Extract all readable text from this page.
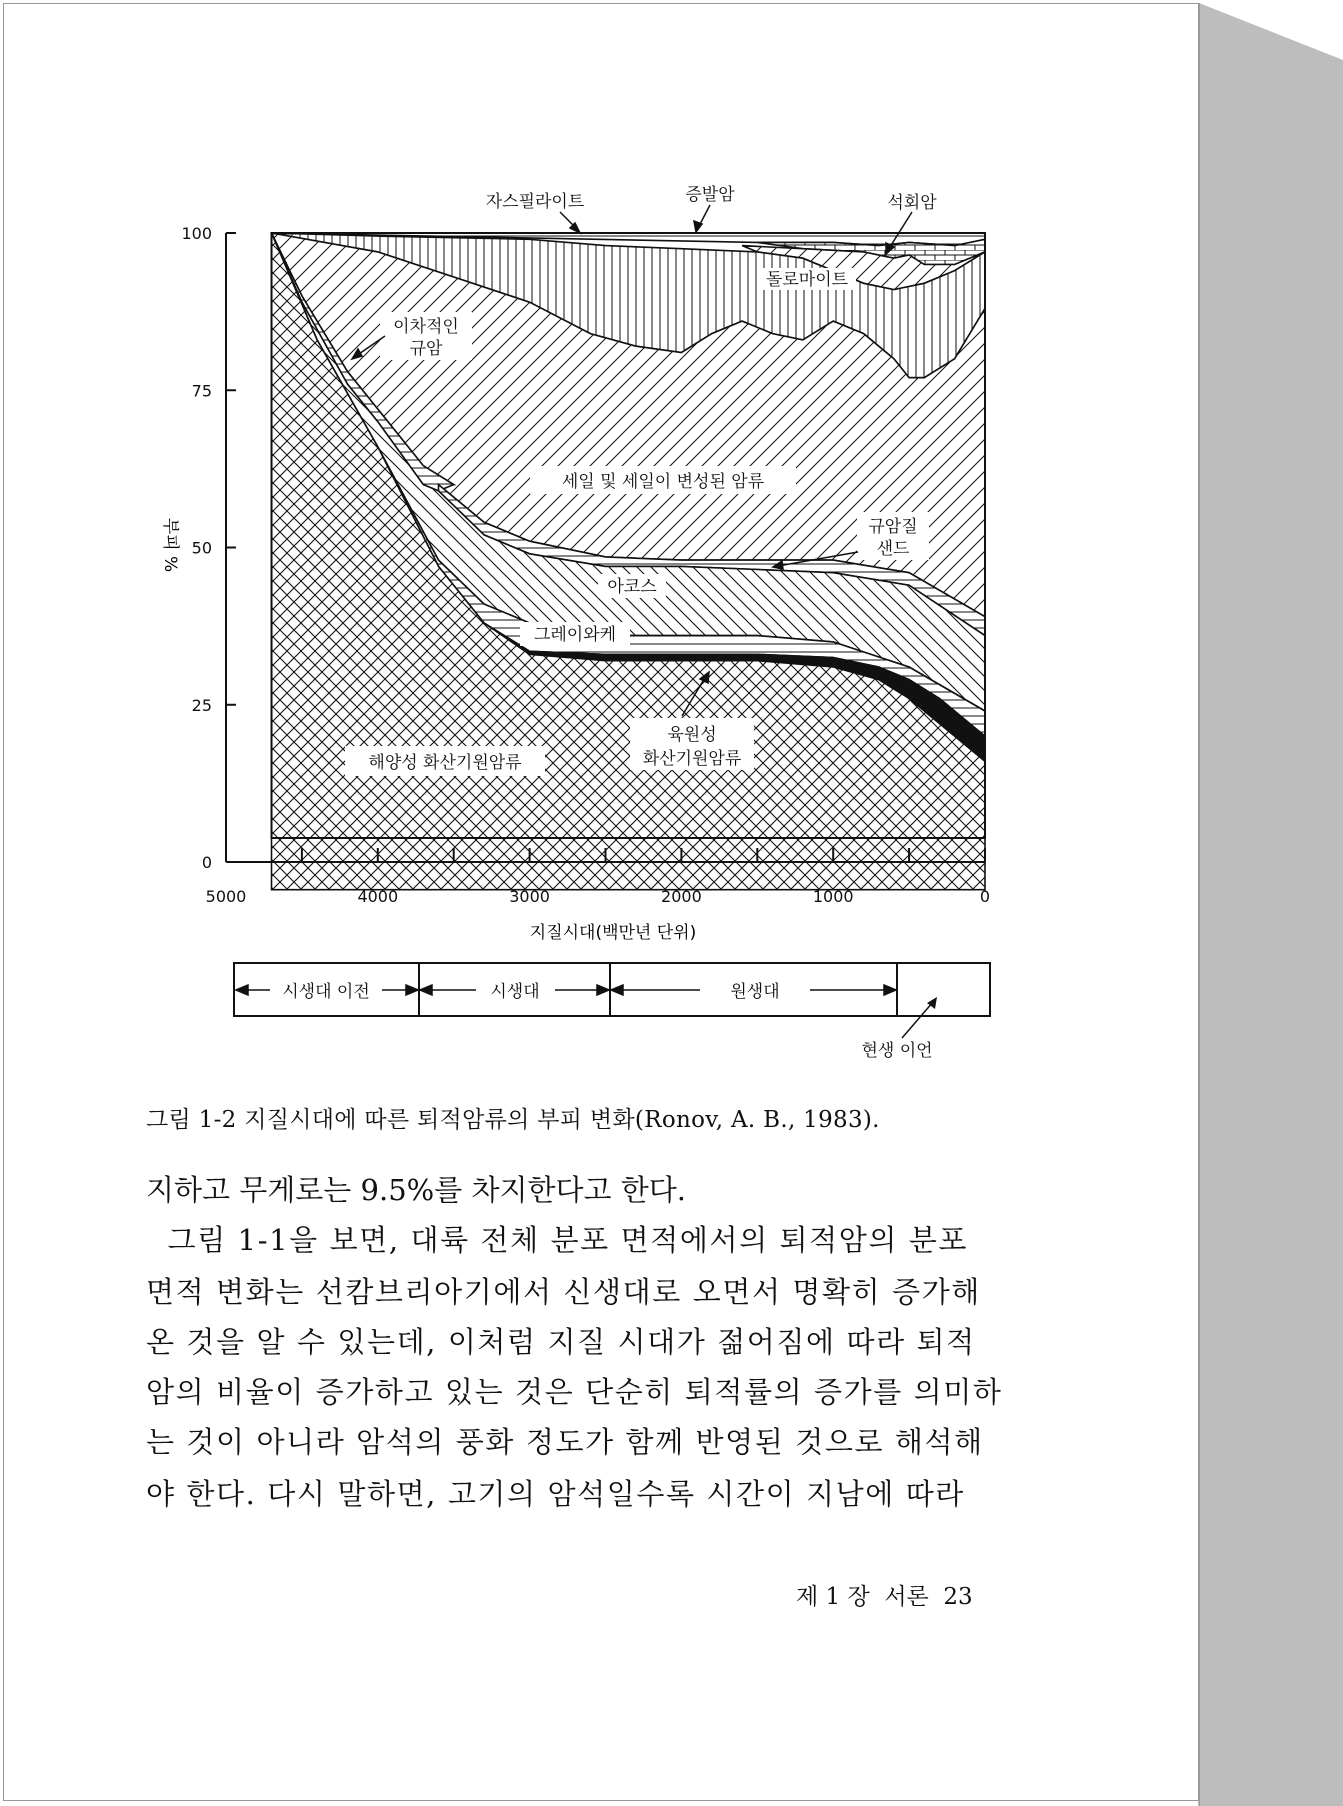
0
25
50
75
100
5000	4000	3000	2000	1000	0
지질시대(백만년 단위)
부피 %
자스필라이트	증발암	석회암
돌로마이트
이차적인
규암
세일 및 세일이 변성된 암류
규암질
샌드
아코스
그레이와케
육원성
화산기원암류
해양성 화산기원암류
시생대 이전	시생대	원생대
현생 이언
그림 1-2 지질시대에 따른 퇴적암류의 부피 변화(Ronov, A. B., 1983).
지하고 무게로는 9.5%를 차지한다고 한다.
그림 1-1을 보면, 대륙 전체 분포 면적에서의 퇴적암의 분포
면적 변화는 선캄브리아기에서 신생대로 오면서 명확히 증가해
온 것을 알 수 있는데, 이처럼 지질 시대가 젊어짐에 따라 퇴적
암의 비율이 증가하고 있는 것은 단순히 퇴적률의 증가를 의미하
는 것이 아니라 암석의 풍화 정도가 함께 반영된 것으로 해석해
야 한다. 다시 말하면, 고기의 암석일수록 시간이 지남에 따라
제 1 장  서론  23
